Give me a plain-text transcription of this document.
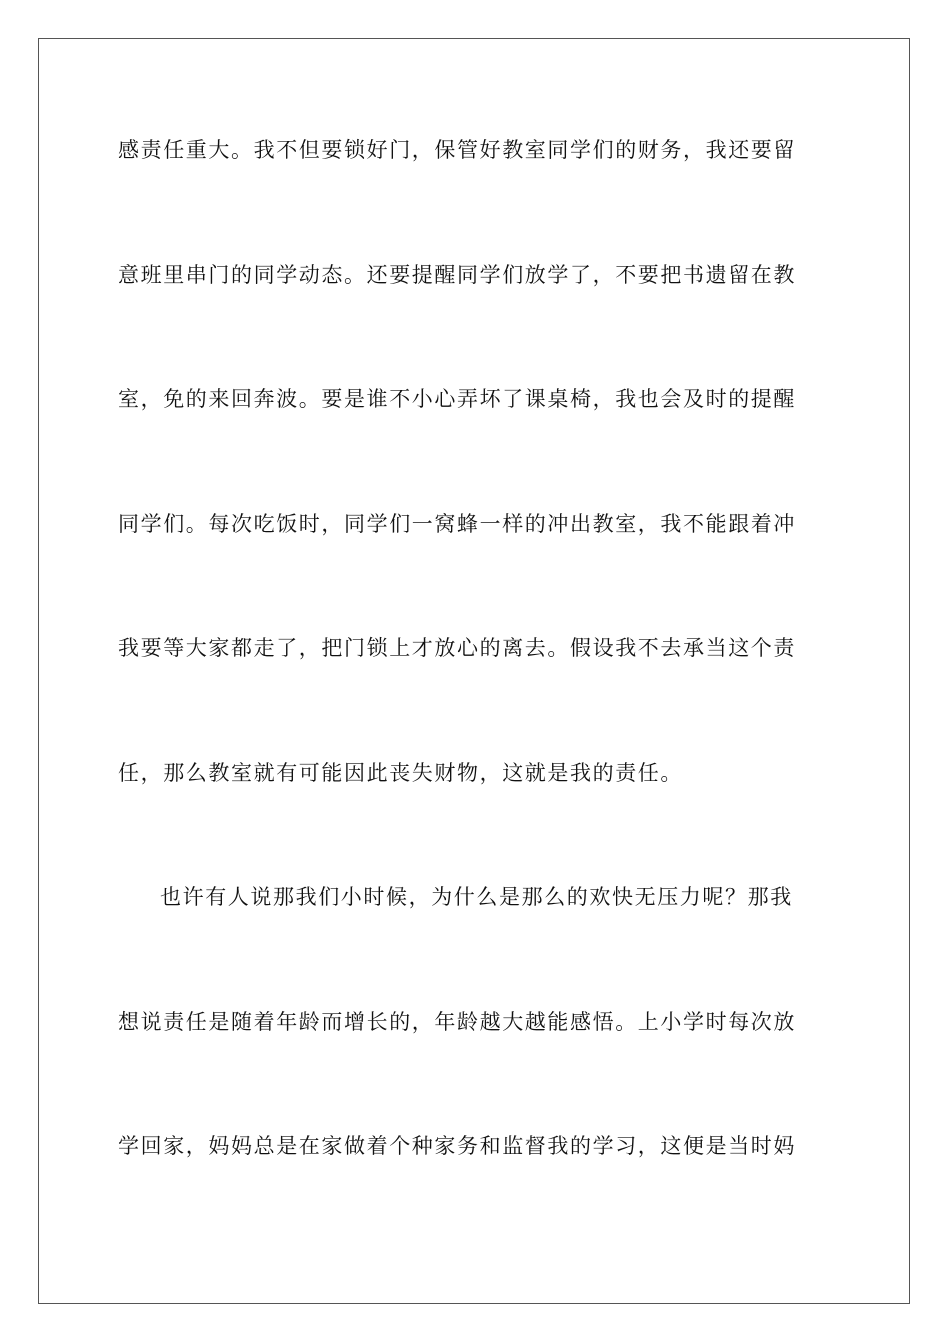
感责任重大。我不但要锁好门，保管好教室同学们的财务，我还要留
意班里串门的同学动态。还要提醒同学们放学了，不要把书遗留在教
室，免的来回奔波。要是谁不小心弄坏了课桌椅，我也会及时的提醒
同学们。每次吃饭时，同学们一窝蜂一样的冲出教室，我不能跟着冲
我要等大家都走了，把门锁上才放心的离去。假设我不去承当这个责
任，那么教室就有可能因此丧失财物，这就是我的责任。
也许有人说那我们小时候，为什么是那么的欢快无压力呢？那我
想说责任是随着年龄而增长的，年龄越大越能感悟。上小学时每次放
学回家，妈妈总是在家做着个种家务和监督我的学习，这便是当时妈
